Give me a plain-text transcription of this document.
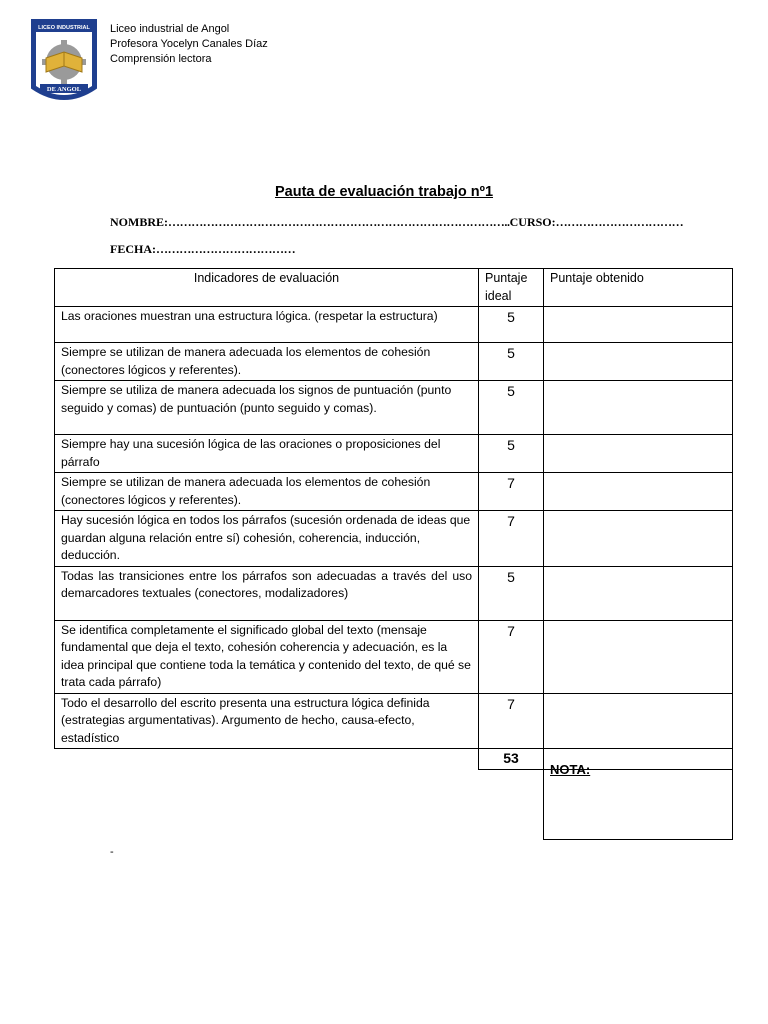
LICEO INDUSTRIAL
DE ANGOL
Liceo industrial de Angol
Profesora Yocelyn Canales Díaz
Comprensión lectora
Pauta de evaluación trabajo nº1
NOMBRE:……………………………………………………………………………..CURSO:……………………………
FECHA:………………………………
Indicadores de evaluación	Puntaje ideal	Puntaje obtenido
Las oraciones muestran una estructura lógica. (respetar la estructura)	5	
Siempre se utilizan de manera adecuada los elementos de cohesión (conectores lógicos y referentes).	5	
Siempre se utiliza de manera adecuada los signos de puntuación (punto seguido y comas) de puntuación (punto seguido y comas).	5	
Siempre hay una sucesión lógica de las oraciones o proposiciones del párrafo	5	
Siempre se utilizan de manera adecuada los elementos de cohesión (conectores lógicos y referentes).	7	
Hay sucesión lógica en todos los párrafos (sucesión ordenada de ideas que guardan alguna relación entre sí) cohesión, coherencia, inducción, deducción.	7	
Todas las transiciones entre los párrafos son adecuadas a través del uso demarcadores textuales (conectores, modalizadores)	5	
Se identifica completamente el significado global del texto (mensaje fundamental que deja el texto, cohesión coherencia y adecuación, es la idea principal que contiene toda la temática y contenido del texto, de qué se trata cada párrafo)	7	
Todo el desarrollo del escrito presenta una estructura lógica definida (estrategias argumentativas). Argumento de hecho, causa-efecto, estadístico	7	
	53	
NOTA:
-
